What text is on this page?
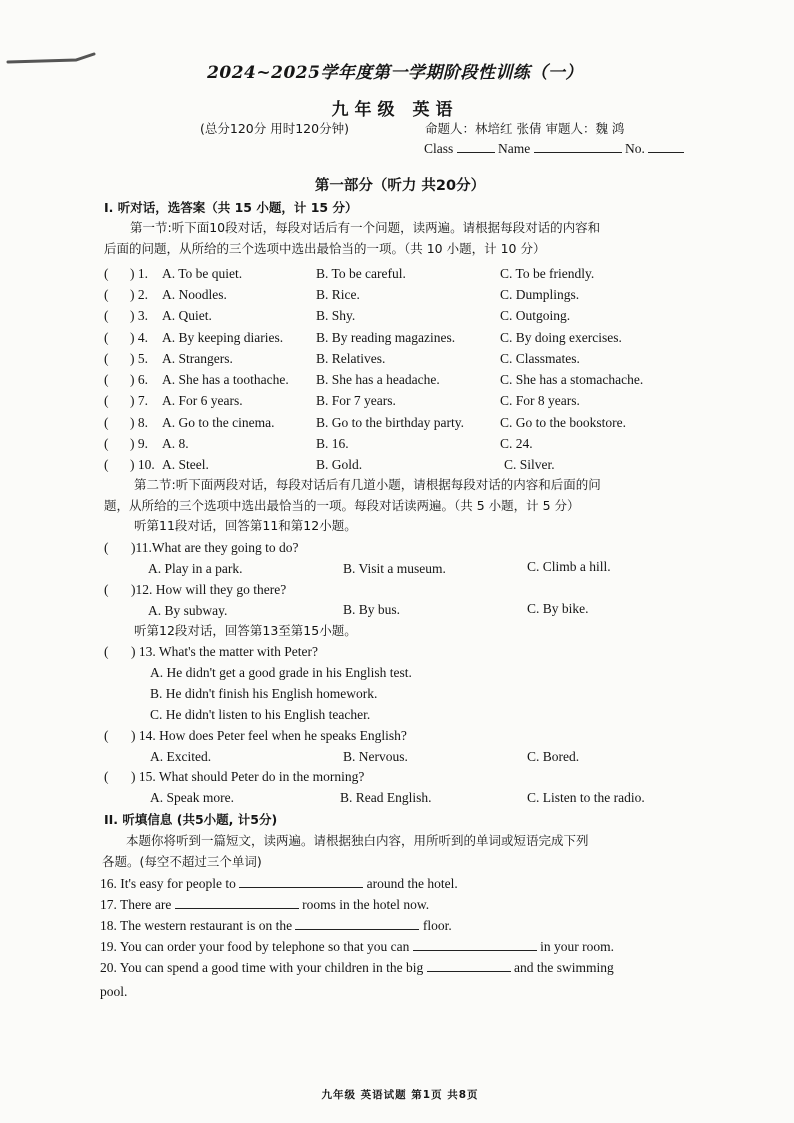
2024~2025学年度第一学期阶段性训练（一）
九年级 英语
(总分120分 用时120分钟)	命题人：林培红 张倩 审题人：魏 鸿
Class	Name	No.
第一部分（听力 共20分）
I. 听对话，选答案（共 15 小题，计 15 分）
第一节:听下面10段对话，每段对话后有一个问题，读两遍。请根据每段对话的内容和
后面的问题，从所给的三个选项中选出最恰当的一项。（共 10 小题，计 10 分）
( ) 1. A. To be quiet.	B. To be careful.	C. To be friendly.
( ) 2. A. Noodles.	B. Rice.	C. Dumplings.
( ) 3. A. Quiet.	B. Shy.	C. Outgoing.
( ) 4. A. By keeping diaries. B. By reading magazines.	C. By doing exercises.
( ) 5. A. Strangers.	B. Relatives.	C. Classmates.
( ) 6. A. She has a toothache. B. She has a headache.	C. She has a stomachache.
( ) 7. A. For 6 years.	B. For 7 years.	C. For 8 years.
( ) 8. A. Go to the cinema.	B. Go to the birthday party.	C. Go to the bookstore.
( ) 9. A. 8.	B. 16.	C. 24.
( ) 10. A. Steel.	B. Gold.	C. Silver.
第二节:听下面两段对话，每段对话后有几道小题，请根据每段对话的内容和后面的问
题，从所给的三个选项中选出最恰当的一项。每段对话读两遍。（共 5 小题，计 5 分）
听第11段对话，回答第11和第12小题。
( )11.What are they going to do?
A. Play in a park.	B. Visit a museum.	C. Climb a hill.
( )12. How will they go there?
A. By subway.	B. By bus.	C. By bike.
听第12段对话，回答第13至第15小题。
( ) 13. What's the matter with Peter?
A. He didn't get a good grade in his English test.
B. He didn't finish his English homework.
C. He didn't listen to his English teacher.
( ) 14. How does Peter feel when he speaks English?
A. Excited.	B. Nervous.	C. Bored.
( ) 15. What should Peter do in the morning?
A. Speak more.	B. Read English.	C. Listen to the radio.
II. 听填信息 (共5小题, 计5分)
本题你将听到一篇短文，读两遍。请根据独白内容，用所听到的单词或短语完成下列
各题。(每空不超过三个单词)
16. It's easy for people to	around the hotel.
17. There are	rooms in the hotel now.
18. The western restaurant is on the	floor.
19. You can order your food by telephone so that you can	in your room.
20. You can spend a good time with your children in the big	and the swimming
pool.
九年级 英语试题 第1页 共8页
